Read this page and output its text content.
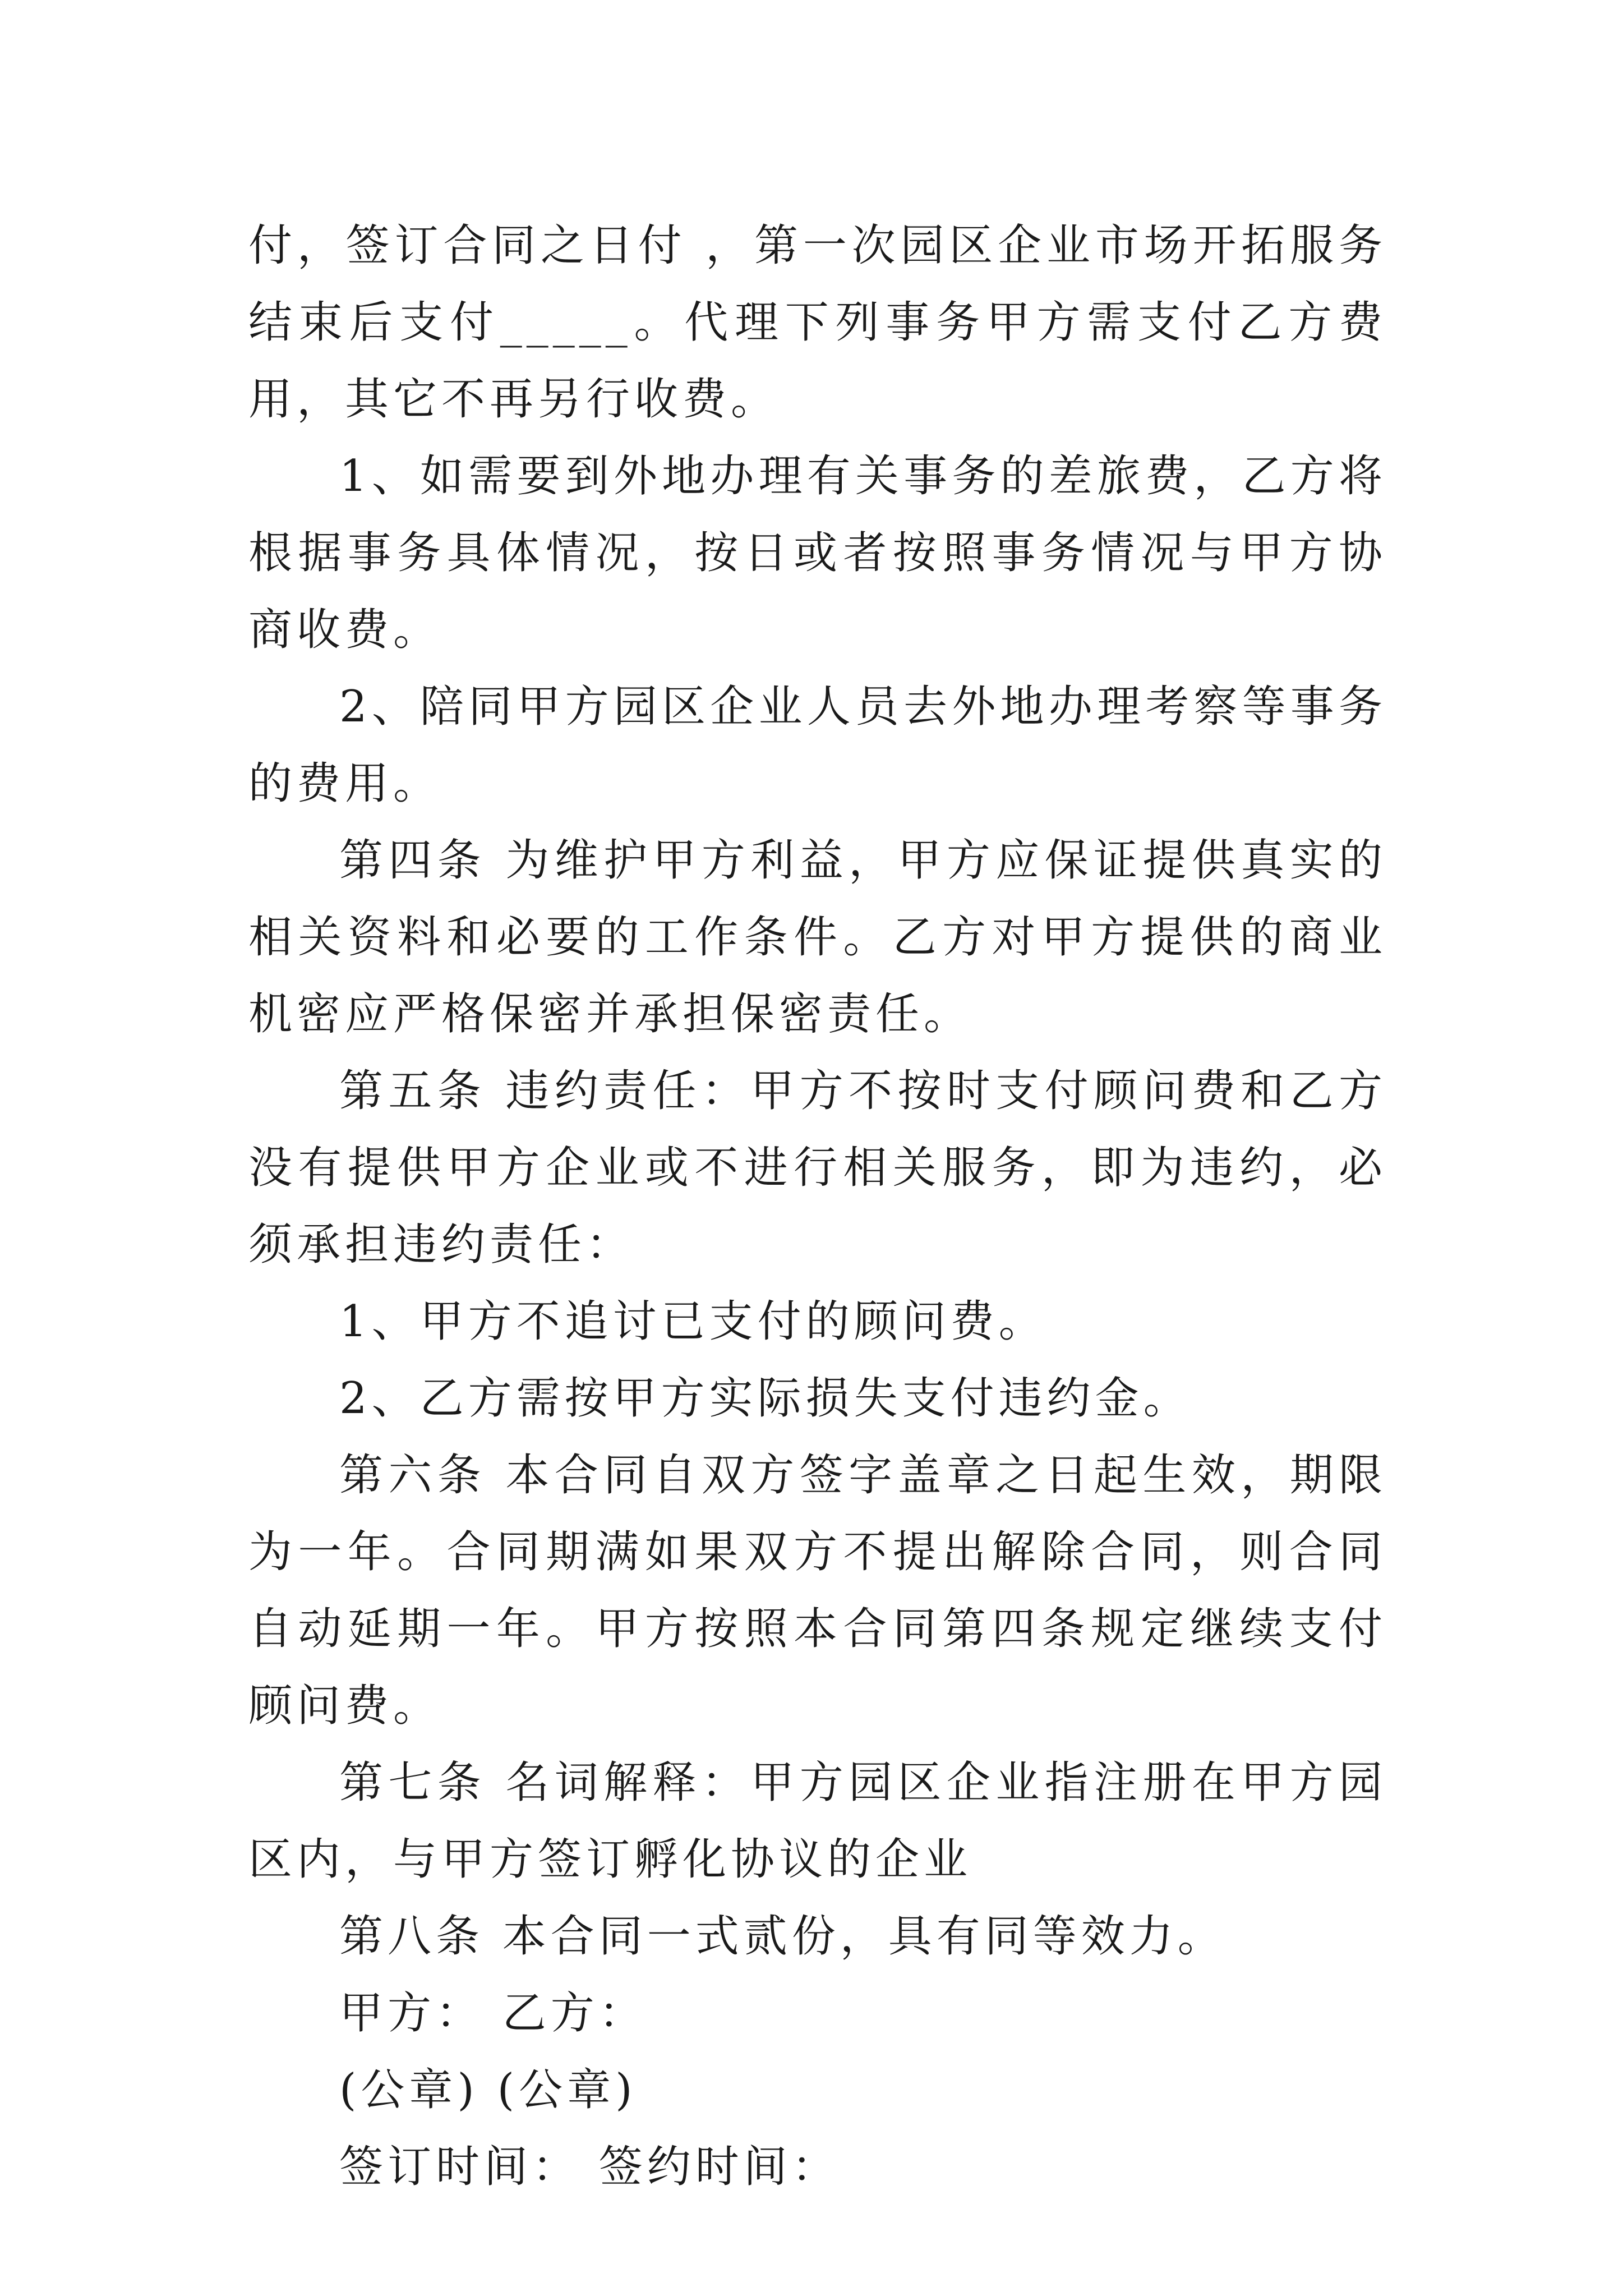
付，签订合同之日付 ，第一次园区企业市场开拓服务结束后支付_____。代理下列事务甲方需支付乙方费用，其它不再另行收费。

1、如需要到外地办理有关事务的差旅费，乙方将根据事务具体情况，按日或者按照事务情况与甲方协商收费。

2、陪同甲方园区企业人员去外地办理考察等事务的费用。

第四条 为维护甲方利益，甲方应保证提供真实的相关资料和必要的工作条件。乙方对甲方提供的商业机密应严格保密并承担保密责任。

第五条 违约责任：甲方不按时支付顾问费和乙方没有提供甲方企业或不进行相关服务，即为违约，必须承担违约责任：

1、甲方不追讨已支付的顾问费。

2、乙方需按甲方实际损失支付违约金。

第六条 本合同自双方签字盖章之日起生效，期限为一年。合同期满如果双方不提出解除合同，则合同自动延期一年。甲方按照本合同第四条规定继续支付顾问费。

第七条 名词解释：甲方园区企业指注册在甲方园区内，与甲方签订孵化协议的企业

第八条 本合同一式贰份，具有同等效力。

甲方： 乙方：

(公章) (公章)

签订时间： 签约时间：
